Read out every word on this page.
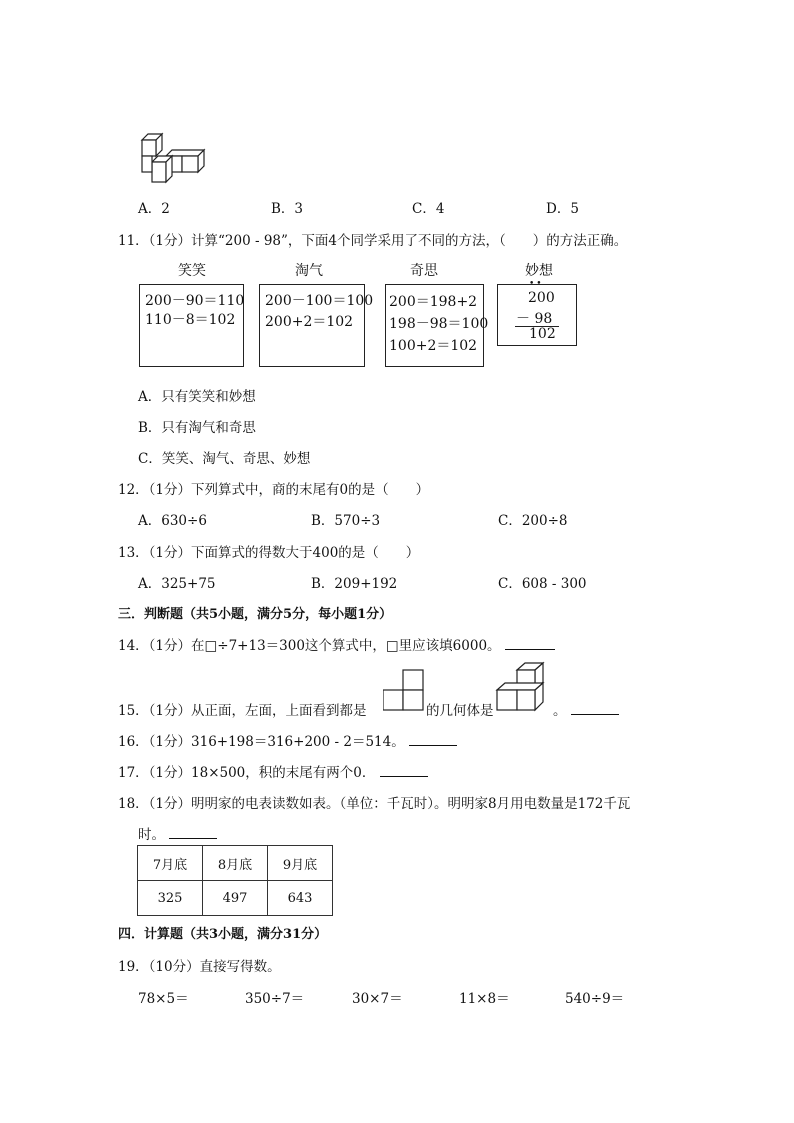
A．2	B．3	C．4	D．5
11．（1分）计算“200 - 98”，下面4个同学采用了不同的方法，（　　）的方法正确。
笑笑	淘气	奇思	妙想
200－90＝110
110－8＝102
200－100＝100
200+2＝102
200＝198+2
198－98＝100
100+2＝102
••
200
－ 98
102
A．只有笑笑和妙想
B．只有淘气和奇思
C．笑笑、淘气、奇思、妙想
12．（1分）下列算式中，商的末尾有0的是（　　）
A．630÷6	B．570÷3	C．200÷8
13．（1分）下面算式的得数大于400的是（　　）
A．325+75	B．209+192	C．608 - 300
三．判断题（共5小题，满分5分，每小题1分）
14．（1分）在□÷7+13＝300这个算式中，□里应该填6000。
15．（1分）从正面，左面，上面看到都是	的几何体是	。
16．（1分）316+198＝316+200 - 2＝514。
17．（1分）18×500，积的末尾有两个0．
18．（1分）明明家的电表读数如表。（单位：千瓦时）。明明家8月用电数量是172千瓦
时。
7月底	8月底	9月底
325	497	643
四．计算题（共3小题，满分31分）
19．（10分）直接写得数。
78×5＝	350÷7＝	30×7＝	11×8＝	540÷9＝
